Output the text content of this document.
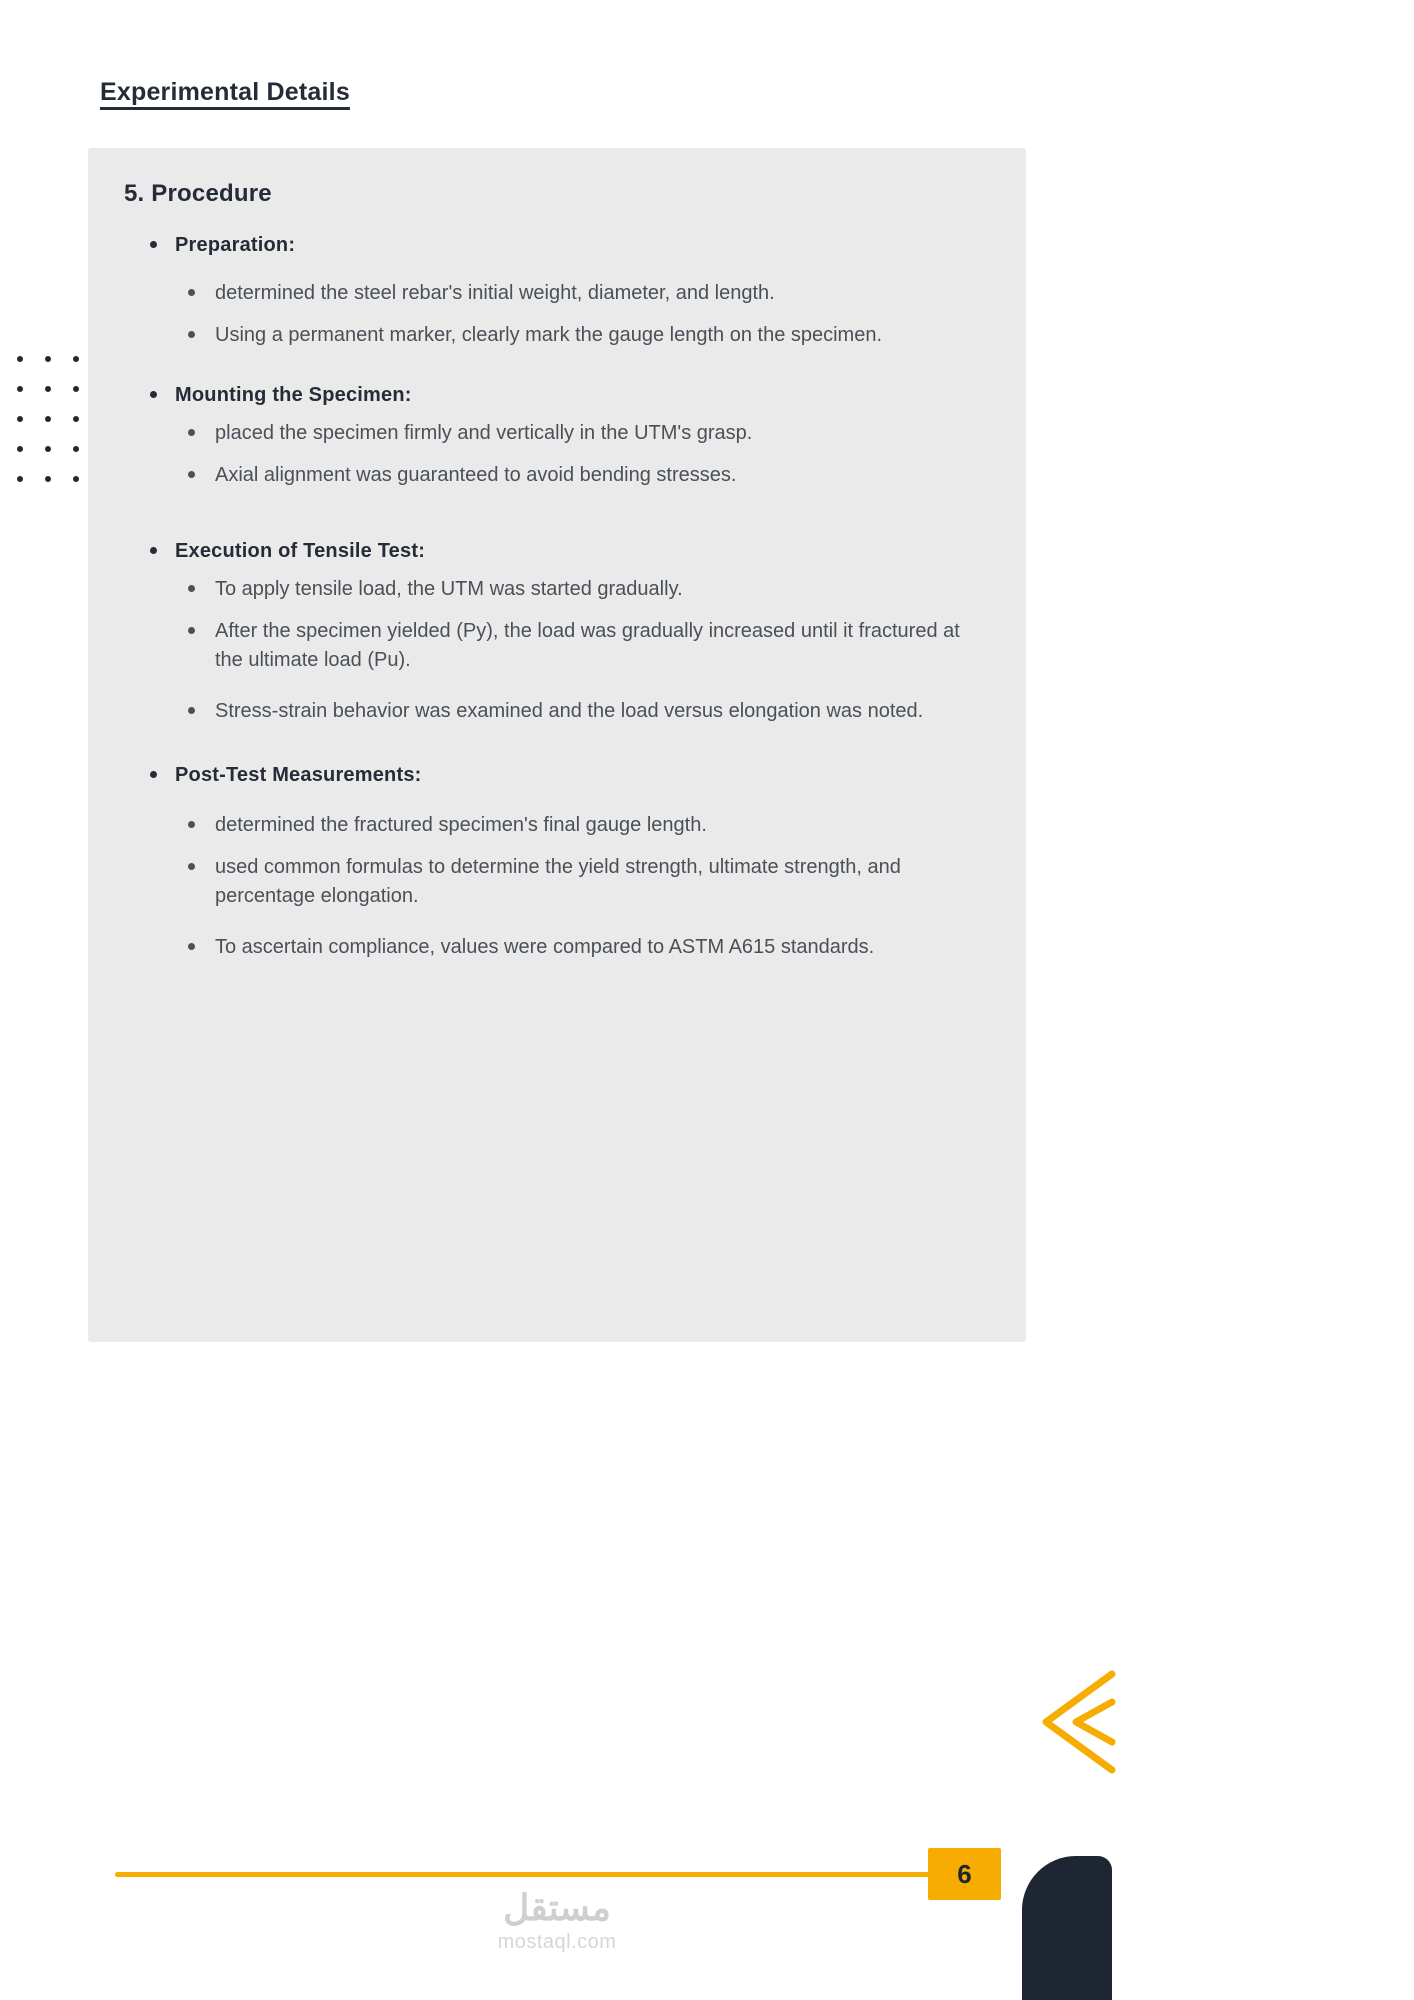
Experimental Details
5. Procedure
Preparation:
determined the steel rebar's initial weight, diameter, and length.
Using a permanent marker, clearly mark the gauge length on the specimen.
Mounting the Specimen:
placed the specimen firmly and vertically in the UTM's grasp.
Axial alignment was guaranteed to avoid bending stresses.
Execution of Tensile Test:
To apply tensile load, the UTM was started gradually.
After the specimen yielded (Py), the load was gradually increased until it fractured at the ultimate load (Pu).
Stress-strain behavior was examined and the load versus elongation was noted.
Post-Test Measurements:
determined the fractured specimen's final gauge length.
used common formulas to determine the yield strength, ultimate strength, and percentage elongation.
To ascertain compliance, values were compared to ASTM A615 standards.
6
مستقل
mostaql.com
